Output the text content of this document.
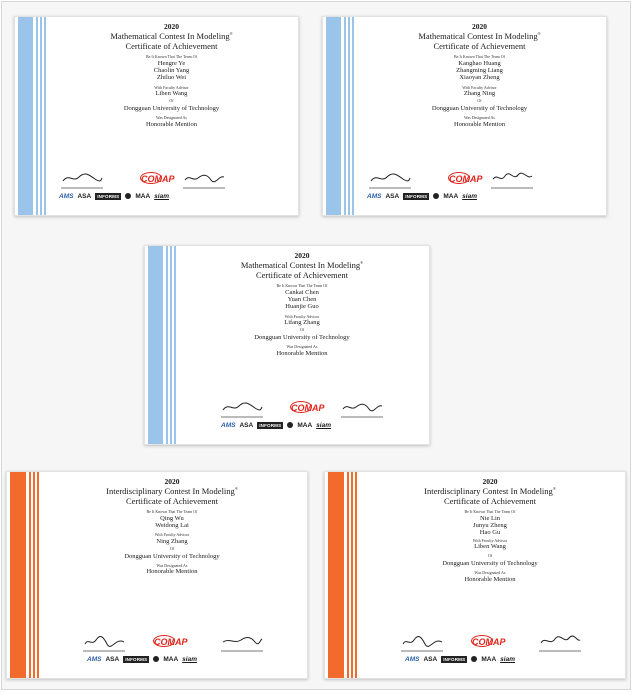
2020
Mathematical Contest In Modeling®
Certificate of Achievement
Be It Known That The Team Of
Hengre Ye
Chaolin Yang
Zhiluo Wei
With Faculty Advisor
Liben Wang
Of
Dongguan University of Technology
Was Designated As
Honorable Mention
COMAP
AMS ASA	INFORMS	MAA siam
2020
Mathematical Contest In Modeling®
Certificate of Achievement
Be It Known That The Team Of
Kanghao Huang
Zhangming Liang
Xiaoyan Zheng
With Faculty Advisor
Zhang Ning
Of
Dongguan University of Technology
Was Designated As
Honorable Mention
COMAP
AMS ASA	INFORMS	MAA siam
2020
Mathematical Contest In Modeling®
Certificate of Achievement
Be It Known That The Team Of
Cankai Chen
Yuan Chen
Huanjie Guo
With Faculty Advisor
Lifang Zhang
Of
Dongguan University of Technology
Was Designated As
Honorable Mention
COMAP
AMS ASA	INFORMS	MAA siam
2020
Interdisciplinary Contest In Modeling®
Certificate of Achievement
Be It Known That The Team Of
Qing Wu
Weidong Lai
With Faculty Advisor
Ning Zhang
Of
Dongguan University of Technology
Was Designated As
Honorable Mention
COMAP
AMS ASA	INFORMS	MAA siam
2020
Interdisciplinary Contest In Modeling®
Certificate of Achievement
Be It Known That The Team Of
Nie Lin
Junyu Zheng
Hao Gu
With Faculty Advisor
Liben Wang
Of
Dongguan University of Technology
Was Designated As
Honorable Mention
COMAP
AMS ASA	INFORMS	MAA siam
